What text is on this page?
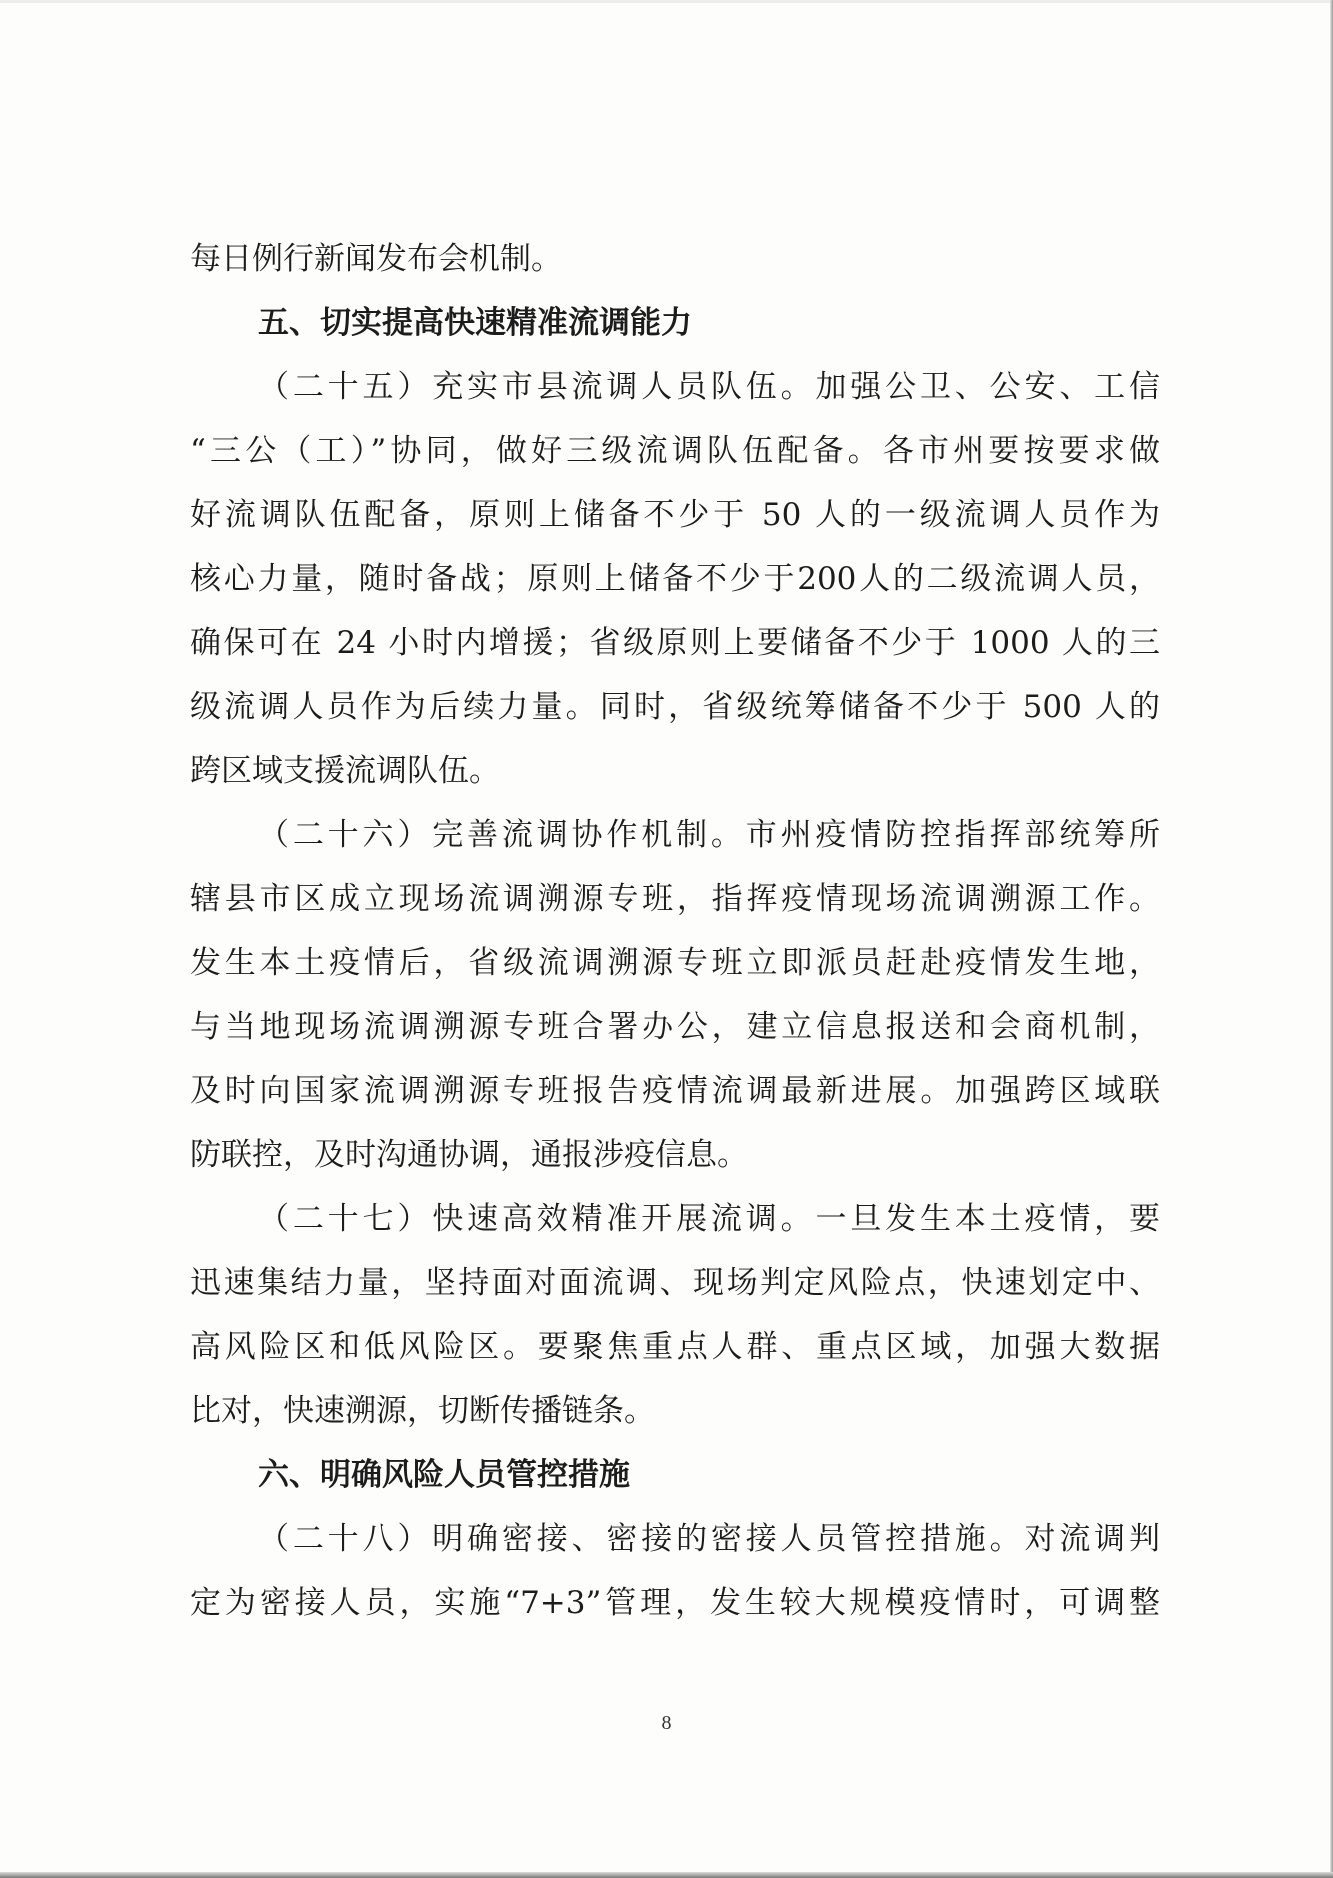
每日例行新闻发布会机制。
五、切实提高快速精准流调能力
（二十五）充实市县流调人员队伍。加强公卫、公安、工信
“三公（工）”协同，做好三级流调队伍配备。各市州要按要求做
好流调队伍配备，原则上储备不少于 50 人的一级流调人员作为
核心力量，随时备战；原则上储备不少于200人的二级流调人员，
确保可在 24 小时内增援；省级原则上要储备不少于 1000 人的三
级流调人员作为后续力量。同时，省级统筹储备不少于 500 人的
跨区域支援流调队伍。
（二十六）完善流调协作机制。市州疫情防控指挥部统筹所
辖县市区成立现场流调溯源专班，指挥疫情现场流调溯源工作。
发生本土疫情后，省级流调溯源专班立即派员赶赴疫情发生地，
与当地现场流调溯源专班合署办公，建立信息报送和会商机制，
及时向国家流调溯源专班报告疫情流调最新进展。加强跨区域联
防联控，及时沟通协调，通报涉疫信息。
（二十七）快速高效精准开展流调。一旦发生本土疫情，要
迅速集结力量，坚持面对面流调、现场判定风险点，快速划定中、
高风险区和低风险区。要聚焦重点人群、重点区域，加强大数据
比对，快速溯源，切断传播链条。
六、明确风险人员管控措施
（二十八）明确密接、密接的密接人员管控措施。对流调判
定为密接人员，实施“7+3”管理，发生较大规模疫情时，可调整
8
